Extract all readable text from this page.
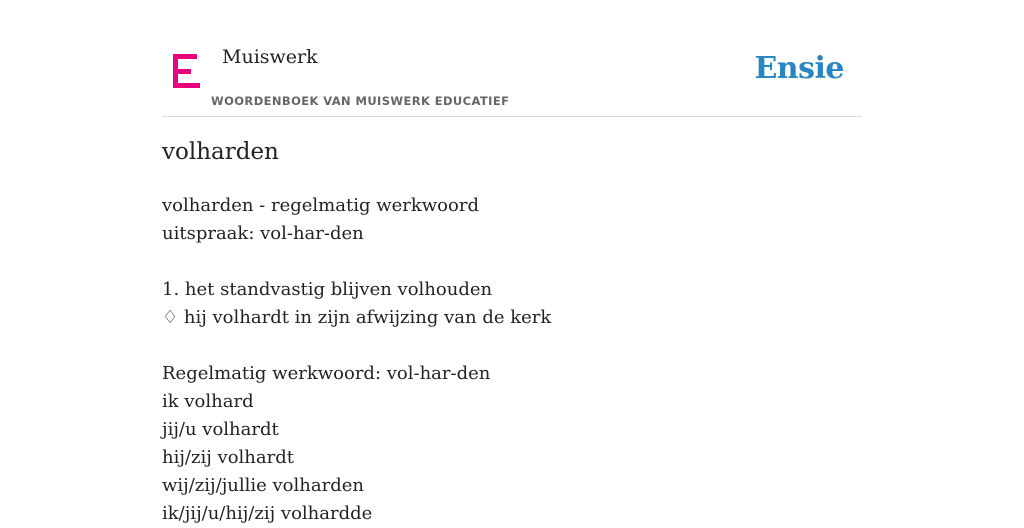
Muiswerk
WOORDENBOEK VAN MUISWERK EDUCATIEF
Ensie
volharden
volharden - regelmatig werkwoord
uitspraak: vol-har-den
1. het standvastig blijven volhouden
♢ hij volhardt in zijn afwijzing van de kerk
Regelmatig werkwoord: vol-har-den
ik volhard
jij/u volhardt
hij/zij volhardt
wij/zij/jullie volharden
ik/jij/u/hij/zij volhardde
